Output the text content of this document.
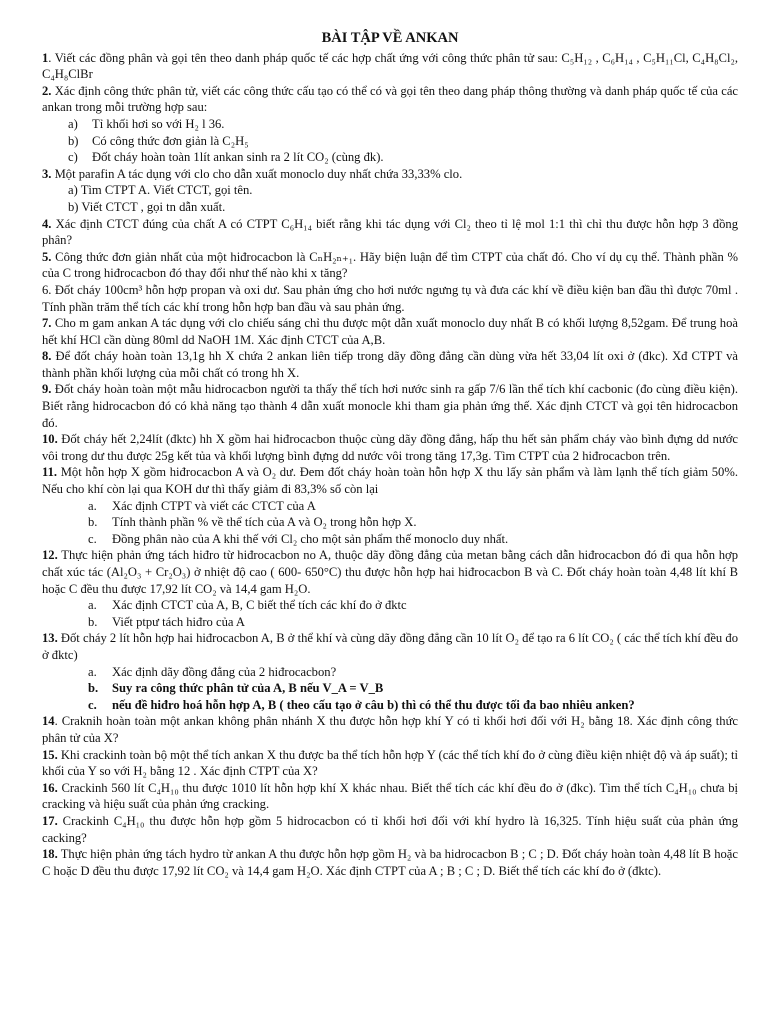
BÀI TẬP VỀ ANKAN

1. Viết các đồng phân và gọi tên theo danh pháp quốc tế các hợp chất ứng với công thức phân tử sau: C₅H₁₂ , C₆H₁₄ , C₅H₁₁Cl, C₄H₈Cl₂, C₄H₈ClBr

2. Xác định công thức phân tử, viết các công thức cấu tạo có thể có và gọi tên theo dang pháp thông thường và danh pháp quốc tế của các ankan trong mỗi trường hợp sau:

a) Tỉ khối hơi so với H₂ l 36.
b) Có công thức đơn giản là C₂H₅
c) Đốt cháy hoàn toàn 1lít ankan sinh ra 2 lít CO₂ (cùng đk).

3. Một parafin A tác dụng với clo cho dẫn xuất monoclo duy nhất chứa 33,33% clo.

a) Tìm CTPT A. Viết CTCT, gọi tên.
b) Viết CTCT , gọi tn dẫn xuất.

4. Xác định CTCT đúng của chất A có CTPT C₆H₁₄ biết rằng khi tác dụng với Cl₂ theo tỉ lệ mol 1:1 thì chỉ thu được hỗn hợp 3 đồng phân?

5. Công thức đơn giản nhất của một hiđrocacbon là CₙH₂ₙ₊₁. Hãy biện luận để tìm CTPT của chất đó. Cho ví dụ cụ thể. Thành phần % của C trong hiđrocacbon đó thay đổi như thế nào khi x tăng?

6. Đốt cháy 100cm³ hỗn hợp propan và oxi dư. Sau phản ứng cho hơi nước ngưng tụ và đưa các khí về điều kiện ban đầu thì được 70ml . Tính phần trăm thể tích các khí trong hỗn hợp ban đầu và sau phản ứng.

7. Cho m gam ankan A tác dụng với clo chiếu sáng chỉ thu được một dẫn xuất monoclo duy nhất B có khối lượng 8,52gam. Để trung hoà hết khí HCl cần dùng 80ml dd NaOH 1M. Xác định CTCT của A,B.

8. Để đốt cháy hoàn toàn 13,1g hh X chứa 2 ankan liên tiếp trong dãy đồng đẳng cần dùng vừa hết 33,04 lít oxi ở (đkc). Xđ CTPT và thành phần khối lượng của mỗi chất có trong hh X.

9. Đốt cháy hoàn toàn một mẫu hidrocacbon người ta thấy thể tích hơi nước sinh ra gấp 7/6 lần thể tích khí cacbonic (đo cùng điều kiện). Biết rằng hidrocacbon đó có khả năng tạo thành 4 dẫn xuất monocle khi tham gia phản ứng thế. Xác định CTCT và gọi tên hidrocacbon đó.

10. Đốt cháy hết 2,24lít (đktc) hh X gồm hai hiđrocacbon thuộc cùng dãy đồng đẳng, hấp thu hết sản phẩm cháy vào bình đựng dd nước vôi trong dư thu được 25g kết tủa và khối lượng bình đựng dd nước vôi trong tăng 17,3g. Tìm CTPT của 2 hiđrocacbon trên.

11. Một hỗn hợp X gồm hiđrocacbon A và O₂ dư. Đem đốt cháy hoàn toàn hỗn hợp X thu lấy sản phẩm và làm lạnh thể tích giảm 50%. Nếu cho khí còn lại qua KOH dư thì thấy giảm đi 83,3% số còn lại

a. Xác định CTPT và viết các CTCT của A
b. Tính thành phần % về thể tích của A và O₂ trong hỗn hợp X.
c. Đồng phân nào của A khi thế với Cl₂ cho một sản phẩm thế monoclo duy nhất.

12. Thực hiện phản ứng tách hiđro từ hiđrocacbon no A, thuộc dãy đồng đẳng của metan bằng cách dẫn hiđrocacbon đó đi qua hỗn hợp chất xúc tác (Al₂O₃ + Cr₂O₃) ở nhiệt độ cao ( 600- 650°C) thu được hỗn hợp hai hiđrocacbon B và C. Đốt cháy hoàn toàn 4,48 lít khí B hoặc C đều thu được 17,92 lít CO₂ và 14,4 gam H₂O.

a. Xác định CTCT của A, B, C biết thể tích các khí đo ở đktc
b. Viết ptpư tách hiđro của A

13. Đốt cháy 2 lít hỗn hợp hai hiđrocacbon A, B ở thể khí và cùng dãy đồng đẳng cần 10 lít O₂ để tạo ra 6 lít CO₂ ( các thể tích khí đều đo ở đktc)

a. Xác định dãy đồng đẳng của 2 hiđrocacbon?
b. Suy ra công thức phân tử của A, B nếu V_A = V_B
c. nếu đề hiđro hoá hỗn hợp A, B ( theo cấu tạo ở câu b) thì có thể thu được tối đa bao nhiêu anken?

14. Craknih hoàn toàn một ankan không phân nhánh X thu được hỗn hợp khí Y có tỉ khối hơi đối với H₂ bằng 18. Xác định công thức phân tử của X?

15. Khi crackinh toàn bộ một thể tích ankan X thu được ba thể tích hỗn hợp Y (các thể tích khí đo ở cùng điều kiện nhiệt độ và áp suất); tỉ khối của Y so với H₂ bằng 12 . Xác định CTPT của X?

16. Crackinh 560 lít C₄H₁₀ thu được 1010 lít hỗn hợp khí X khác nhau. Biết thể tích các khí đều đo ở (đkc). Tìm thể tích C₄H₁₀ chưa bị cracking và hiệu suất của phản ứng cracking.

17. Crackinh C₄H₁₀ thu được hỗn hợp gồm 5 hidrocacbon có tỉ khối hơi đối với khí hydro là 16,325. Tính hiệu suất của phản ứng cacking?

18. Thực hiện phản ứng tách hydro từ ankan A thu được hỗn hợp gồm H₂ và ba hidrocacbon B ; C ; D. Đốt cháy hoàn toàn 4,48 lít B hoặc C hoặc D đều thu được 17,92 lít CO₂ và 14,4 gam H₂O. Xác định CTPT của A ; B ; C ; D. Biết thể tích các khí đo ở (đktc).
